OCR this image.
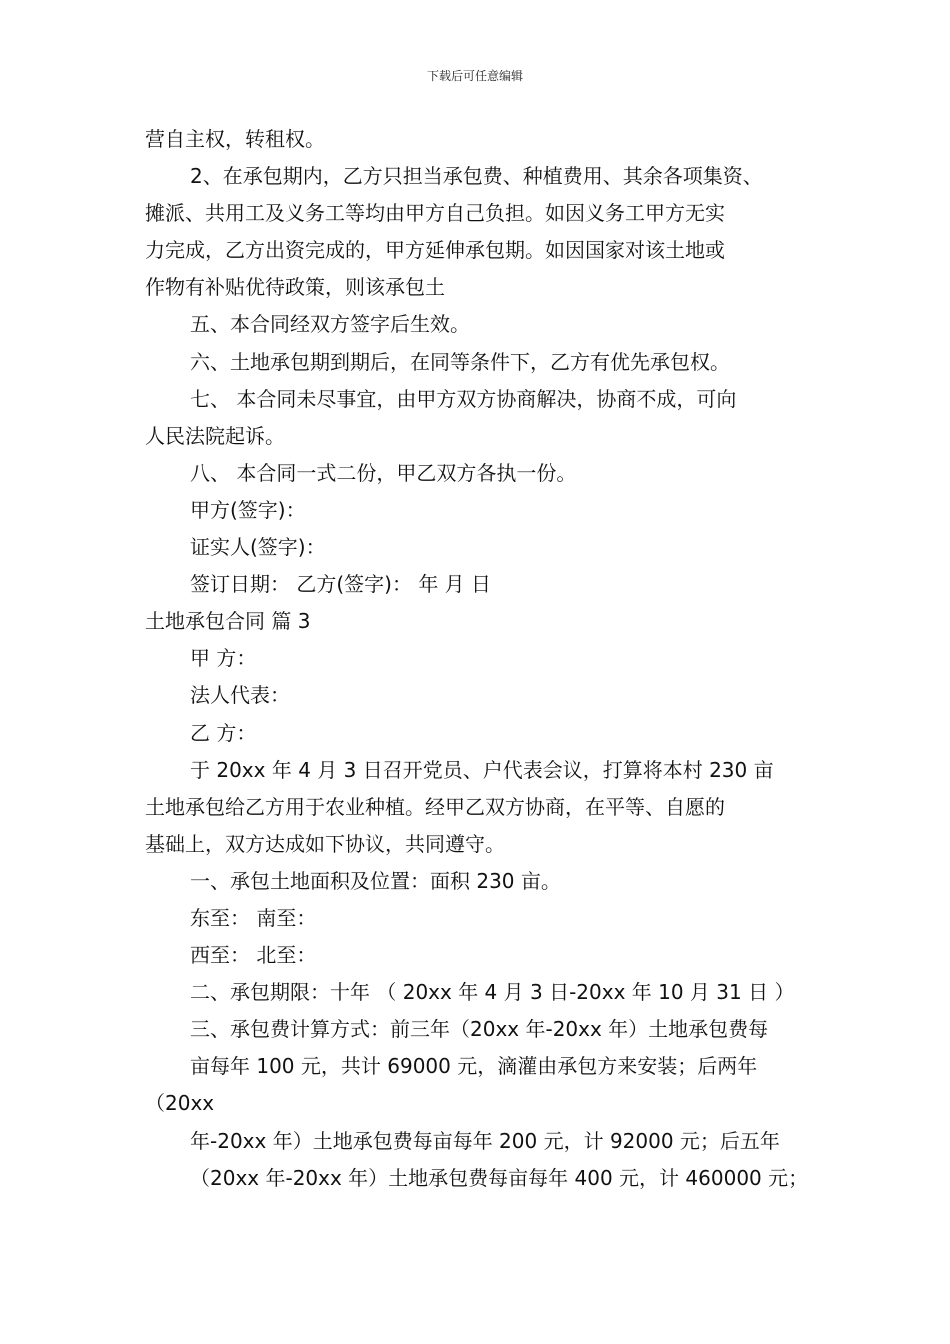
下载后可任意编辑
营自主权，转租权。
2、在承包期内，乙方只担当承包费、种植费用、其余各项集资、
摊派、共用工及义务工等均由甲方自己负担。如因义务工甲方无实
力完成，乙方出资完成的，甲方延伸承包期。如因国家对该土地或
作物有补贴优待政策，则该承包土
五、本合同经双方签字后生效。
六、土地承包期到期后，在同等条件下，乙方有优先承包权。
七、 本合同未尽事宜，由甲方双方协商解决，协商不成，可向
人民法院起诉。
八、 本合同一式二份，甲乙双方各执一份。
甲方(签字)：
证实人(签字)：
签订日期： 乙方(签字)： 年 月 日
土地承包合同 篇 3
甲 方：
法人代表：
乙 方：
于 20xx 年 4 月 3 日召开党员、户代表会议，打算将本村 230 亩
土地承包给乙方用于农业种植。经甲乙双方协商，在平等、自愿的
基础上，双方达成如下协议，共同遵守。
一、承包土地面积及位置：面积 230 亩。
东至： 南至：
西至： 北至：
二、承包期限：十年 （ 20xx 年 4 月 3 日-20xx 年 10 月 31 日 ）
三、承包费计算方式：前三年（20xx 年-20xx 年）土地承包费每
亩每年 100 元，共计 69000 元，滴灌由承包方来安装；后两年
（20xx
年-20xx 年）土地承包费每亩每年 200 元，计 92000 元；后五年
（20xx 年-20xx 年）土地承包费每亩每年 400 元，计 460000 元；
